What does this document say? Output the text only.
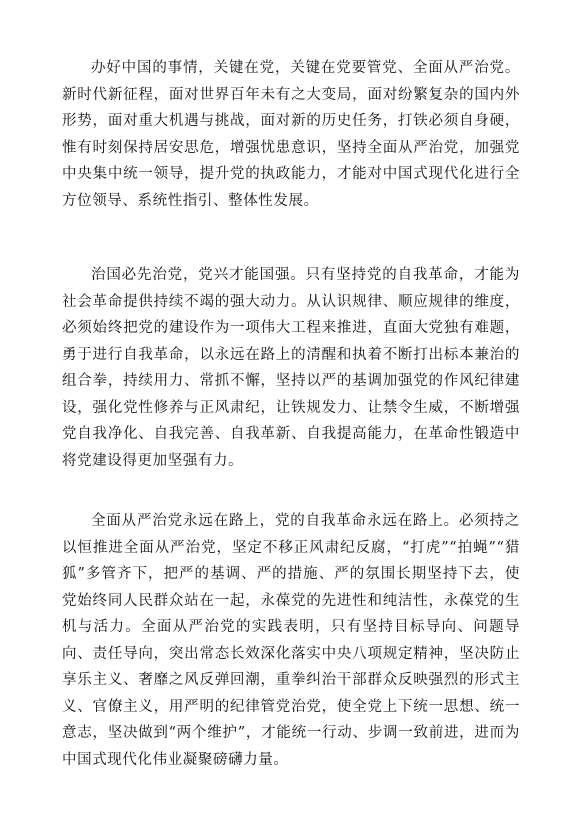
办好中国的事情，关键在党，关键在党要管党、全面从严治党。新时代新征程，面对世界百年未有之大变局，面对纷繁复杂的国内外形势，面对重大机遇与挑战，面对新的历史任务，打铁必须自身硬，惟有时刻保持居安思危，增强忧患意识，坚持全面从严治党，加强党中央集中统一领导，提升党的执政能力，才能对中国式现代化进行全方位领导、系统性指引、整体性发展。

治国必先治党，党兴才能国强。只有坚持党的自我革命，才能为社会革命提供持续不竭的强大动力。从认识规律、顺应规律的维度，必须始终把党的建设作为一项伟大工程来推进，直面大党独有难题，勇于进行自我革命，以永远在路上的清醒和执着不断打出标本兼治的组合拳，持续用力、常抓不懈，坚持以严的基调加强党的作风纪律建设，强化党性修养与正风肃纪，让铁规发力、让禁令生威，不断增强党自我净化、自我完善、自我革新、自我提高能力，在革命性锻造中将党建设得更加坚强有力。

全面从严治党永远在路上，党的自我革命永远在路上。必须持之以恒推进全面从严治党，坚定不移正风肃纪反腐，“打虎”“拍蝇”“猎狐”多管齐下，把严的基调、严的措施、严的氛围长期坚持下去，使党始终同人民群众站在一起，永葆党的先进性和纯洁性，永葆党的生机与活力。全面从严治党的实践表明，只有坚持目标导向、问题导向、责任导向，突出常态长效深化落实中央八项规定精神，坚决防止享乐主义、奢靡之风反弹回潮，重拳纠治干部群众反映强烈的形式主义、官僚主义，用严明的纪律管党治党，使全党上下统一思想、统一意志，坚决做到“两个维护”，才能统一行动、步调一致前进，进而为中国式现代化伟业凝聚磅礴力量。
